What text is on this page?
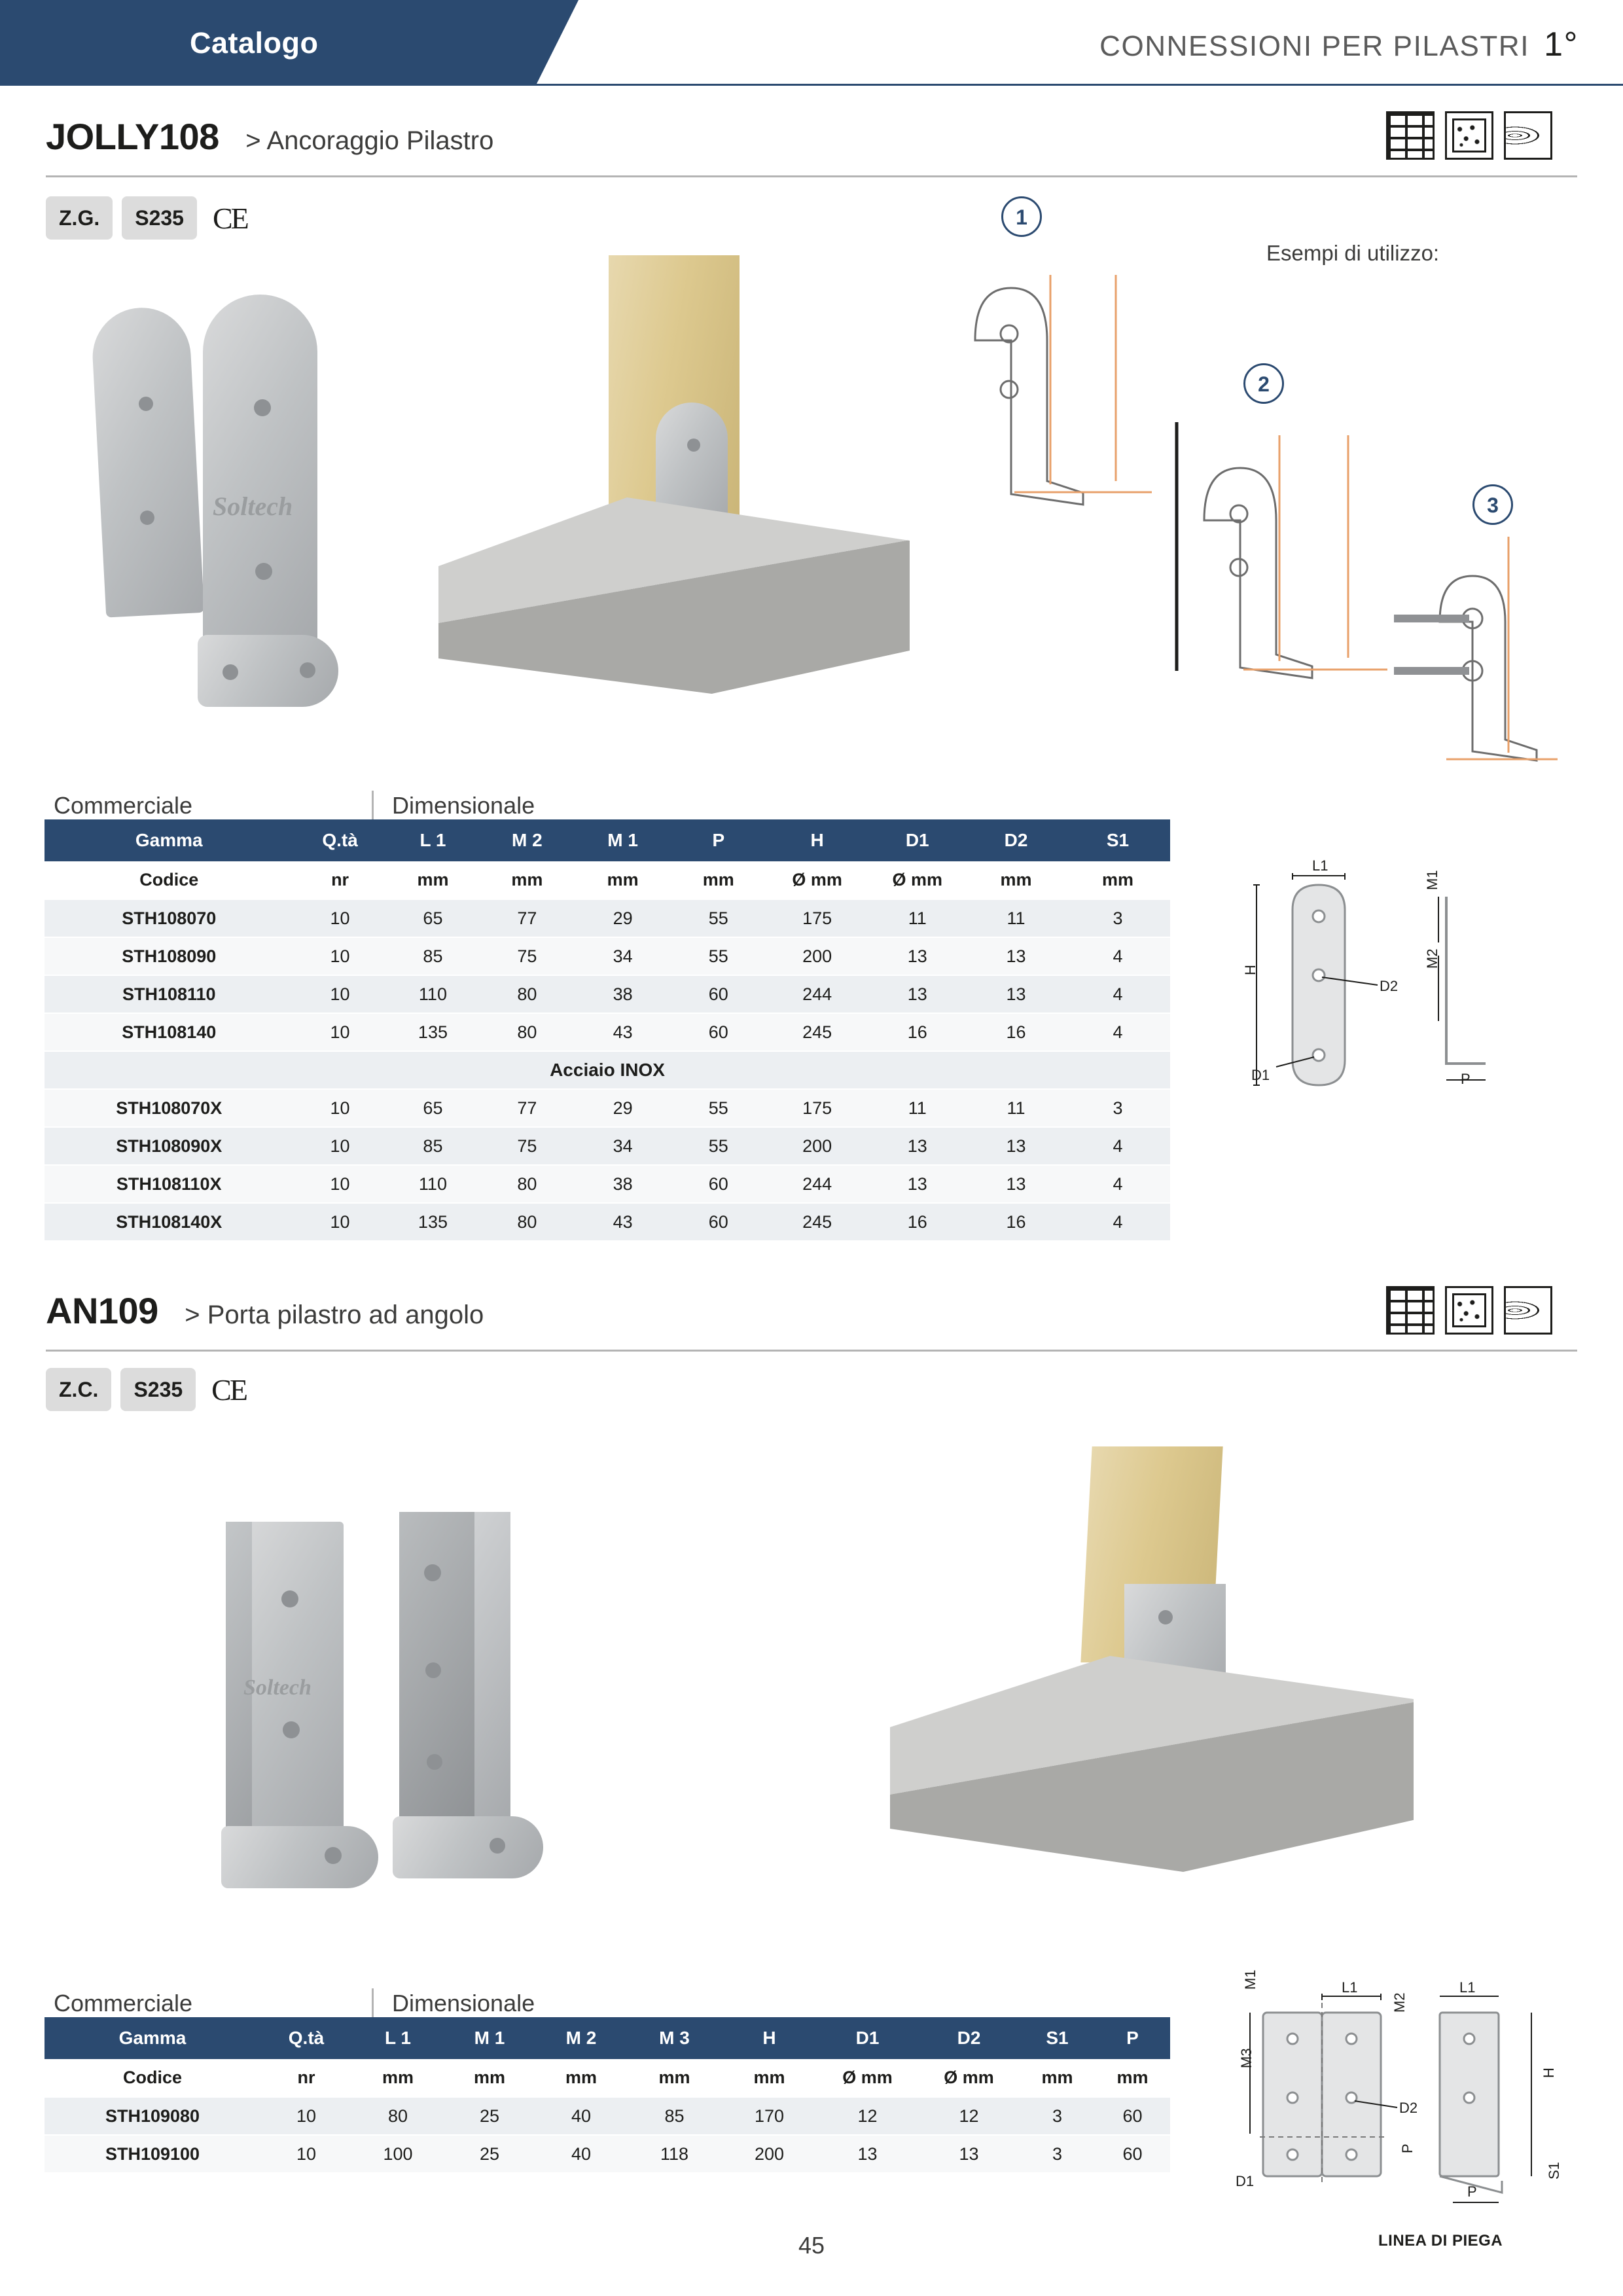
Catalogo	CONNESSIONI PER PILASTRI 1°
JOLLY108 > Ancoraggio Pilastro
Z.G.	S235 CE
Soltech
Esempi di utilizzo:
1
2
3
Commerciale	Dimensionale
Gamma	Q.tà	L 1	M 2	M 1	P	H	D1	D2	S1
Codice	nr	mm	mm	mm	mm	Ø mm	Ø mm	mm	mm
STH108070	10	65	77	29	55	175	11	11	3
STH108090	10	85	75	34	55	200	13	13	4
STH108110	10	110	80	38	60	244	13	13	4
STH108140	10	135	80	43	60	245	16	16	4
Acciaio INOX									
STH108070X	10	65	77	29	55	175	11	11	3
STH108090X	10	85	75	34	55	200	13	13	4
STH108110X	10	110	80	38	60	244	13	13	4
STH108140X	10	135	80	43	60	245	16	16	4
L1
M1
M2
H
D1
D2
P
AN109 > Porta pilastro ad angolo
Z.C.	S235 CE
Soltech
Commerciale	Dimensionale
Gamma	Q.tà	L 1	M 1	M 2	M 3	H	D1	D2	S1	P
Codice	nr	mm	mm	mm	mm	mm	Ø mm	Ø mm	mm	mm
STH109080	10	80	25	40	85	170	12	12	3	60
STH109100	10	100	25	40	118	200	13	13	3	60
M1
M3
L1
M2
D1
D2
P
L1
H
P
S1
LINEA DI PIEGA
45
